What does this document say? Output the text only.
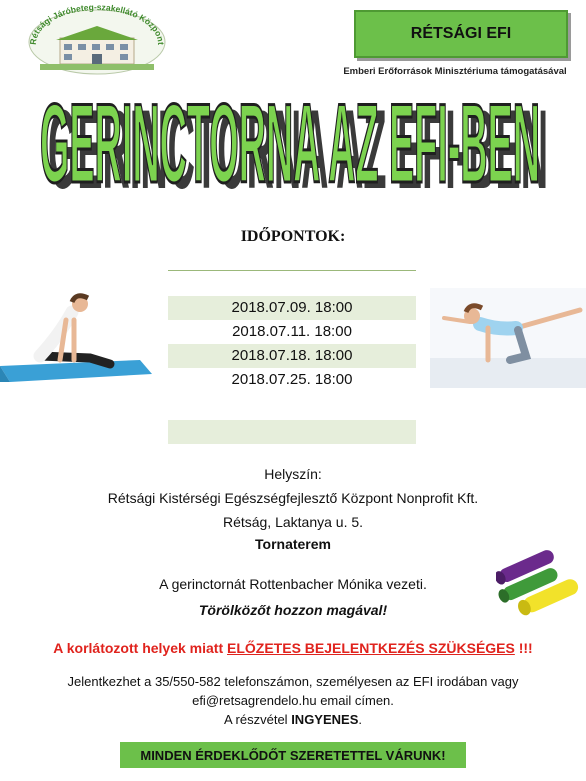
Rétsági Járóbeteg-szakellátó Központ
RÉTSÁGI EFI
Emberi Erőforrások Minisztériuma támogatásával
GERINCTORNA AZ EFI-BEN
GERINCTORNA AZ EFI-BEN
IDŐPONTOK:
2018.07.09. 18:00
2018.07.11. 18:00
2018.07.18. 18:00
2018.07.25. 18:00
Helyszín:
Rétsági Kistérségi Egészségfejlesztő Központ Nonprofit Kft.
Rétság, Laktanya u. 5.
Tornaterem
A gerinctornát Rottenbacher Mónika vezeti.
Törölközőt hozzon magával!
A korlátozott helyek miatt ELŐZETES BEJELENTKEZÉS SZÜKSÉGES !!!
Jelentkezhet a 35/550-582 telefonszámon, személyesen az EFI irodában vagy
efi@retsagrendelo.hu email címen.
A részvétel INGYENES.
MINDEN ÉRDEKLŐDŐT SZERETETTEL VÁRUNK!
